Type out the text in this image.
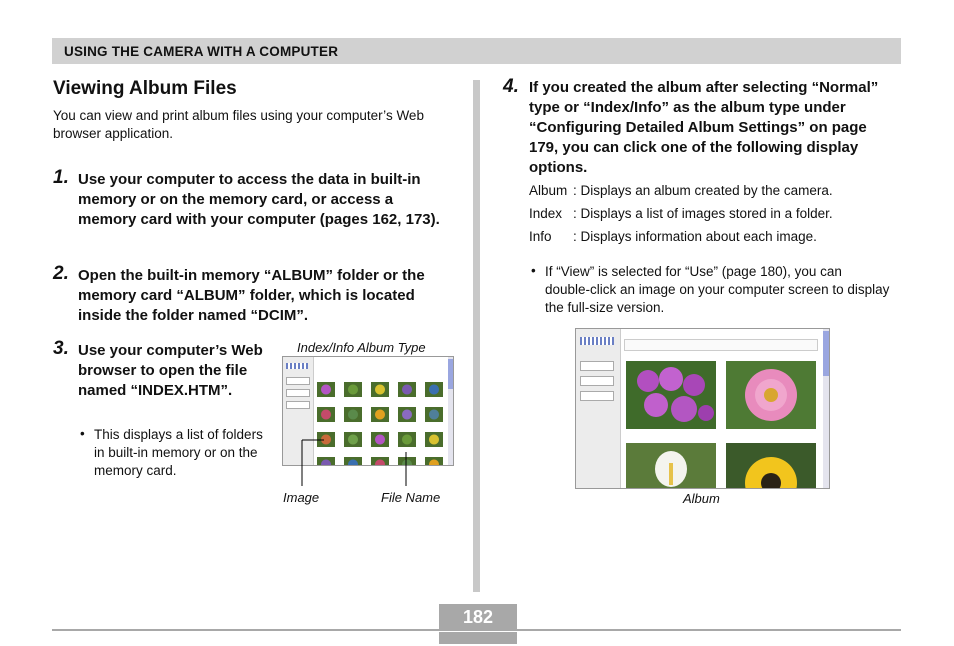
USING THE CAMERA WITH A COMPUTER
Viewing Album Files
You can view and print album files using your computer’s Web browser application.
1. Use your computer to access the data in built-in memory or on the memory card, or access a memory card with your computer (pages 162, 173).
2. Open the built-in memory “ALBUM” folder or the memory card “ALBUM” folder, which is located inside the folder named “DCIM”.
3. Use your computer’s Web browser to open the file named “INDEX.HTM”.
• This displays a list of folders in built-in memory or on the memory card.
Index/Info Album Type
Image	File Name
4. If you created the album after selecting “Normal” type or “Index/Info” as the album type under “Configuring Detailed Album Settings” on page 179, you can click one of the following display options.
Album : Displays an album created by the camera.
Index : Displays a list of images stored in a folder.
Info : Displays information about each image.
• If “View” is selected for “Use” (page 180), you can double-click an image on your computer screen to display the full-size version.
Album
182
